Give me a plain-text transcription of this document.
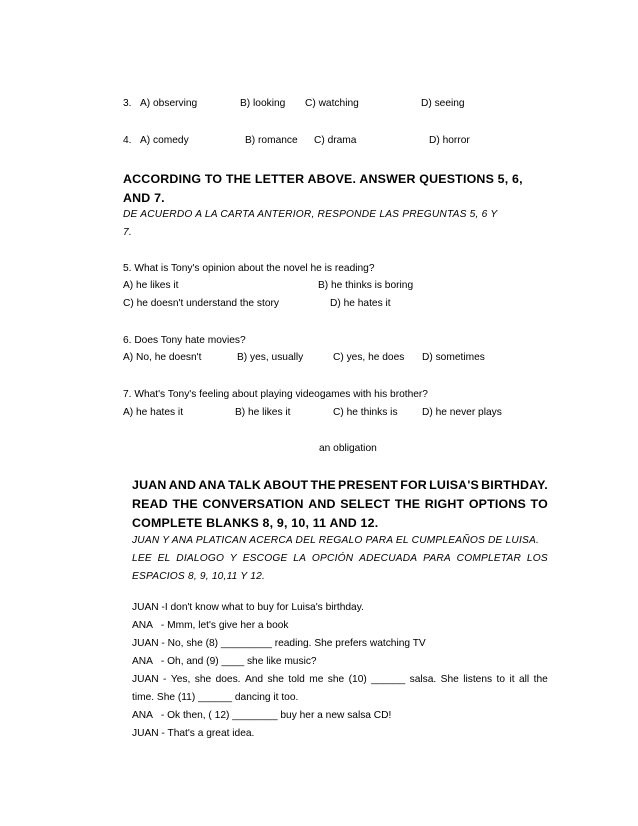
3. A) observing	B) looking C) watching	D) seeing
4. A) comedy	B) romance C) drama	D) horror
ACCORDING TO THE LETTER ABOVE. ANSWER QUESTIONS 5, 6,
AND 7.
DE ACUERDO A LA CARTA ANTERIOR, RESPONDE LAS PREGUNTAS 5, 6 Y
7.
5. What is Tony's opinion about the novel he is reading?
A) he likes it	B) he thinks is boring
C) he doesn't understand the story	D) he hates it
6. Does Tony hate movies?
A) No, he doesn't	B) yes, usually	C) yes, he does D) sometimes
7. What's Tony's feeling about playing videogames with his brother?
A) he hates it	B) he likes it	C) he thinks is D) he never plays
an obligation
JUAN AND ANA TALK ABOUT THE PRESENT FOR LUISA'S BIRTHDAY.
READ THE CONVERSATION AND SELECT THE RIGHT OPTIONS TO
COMPLETE BLANKS 8, 9, 10, 11 AND 12.
JUAN Y ANA PLATICAN ACERCA DEL REGALO PARA EL CUMPLEAÑOS DE LUISA.
LEE EL DIALOGO Y ESCOGE LA OPCIÓN ADECUADA PARA COMPLETAR LOS
ESPACIOS 8, 9, 10,11 Y 12.
JUAN -I don't know what to buy for Luisa's birthday.
ANA   - Mmm, let's give her a book
JUAN - No, she (8) _________ reading. She prefers watching TV
ANA   - Oh, and (9) ____ she like music?
JUAN - Yes, she does. And she told me she (10) ______ salsa. She listens to it all the
time. She (11) ______ dancing it too.
ANA   - Ok then, ( 12) ________ buy her a new salsa CD!
JUAN - That's a great idea.
